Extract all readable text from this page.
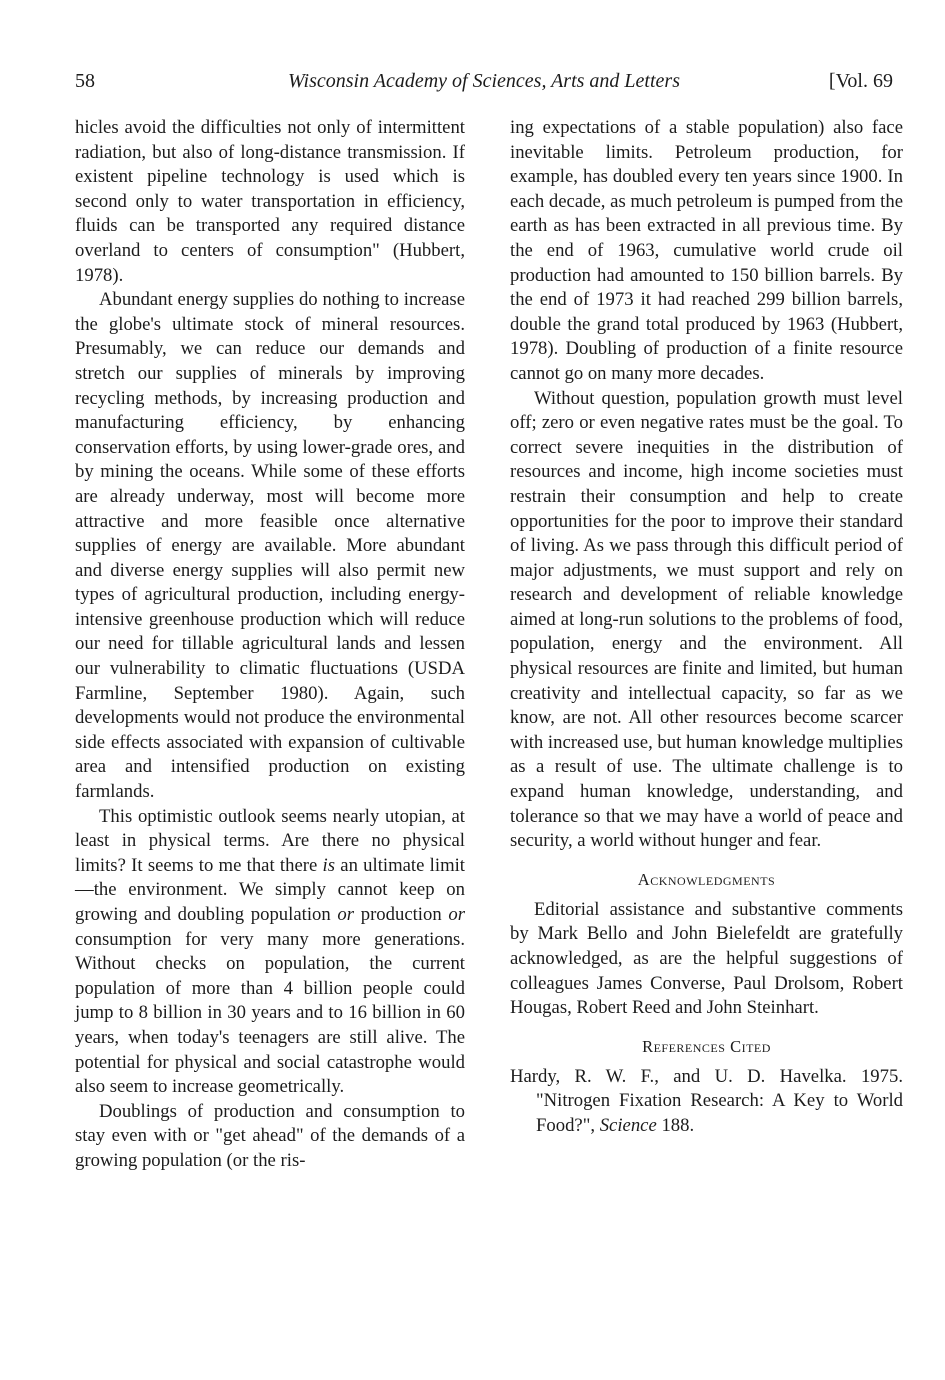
58	Wisconsin Academy of Sciences, Arts and Letters	[Vol. 69

hicles avoid the difficulties not only of intermittent radiation, but also of long-distance transmission. If existent pipeline technology is used which is second only to water transportation in efficiency, fluids can be transported any required distance overland to centers of consumption" (Hubbert, 1978).

Abundant energy supplies do nothing to increase the globe's ultimate stock of mineral resources. Presumably, we can reduce our demands and stretch our supplies of minerals by improving recycling methods, by increasing production and manufacturing efficiency, by enhancing conservation efforts, by using lower-grade ores, and by mining the oceans. While some of these efforts are already underway, most will become more attractive and more feasible once alternative supplies of energy are available. More abundant and diverse energy supplies will also permit new types of agricultural production, including energy-intensive greenhouse production which will reduce our need for tillable agricultural lands and lessen our vulnerability to climatic fluctuations (USDA Farmline, September 1980). Again, such developments would not produce the environmental side effects associated with expansion of cultivable area and intensified production on existing farmlands.

This optimistic outlook seems nearly utopian, at least in physical terms. Are there no physical limits? It seems to me that there is an ultimate limit—the environment. We simply cannot keep on growing and doubling population or production or consumption for very many more generations. Without checks on population, the current population of more than 4 billion people could jump to 8 billion in 30 years and to 16 billion in 60 years, when today's teenagers are still alive. The potential for physical and social catastrophe would also seem to increase geometrically.

Doublings of production and consumption to stay even with or "get ahead" of the demands of a growing population (or the ris-

ing expectations of a stable population) also face inevitable limits. Petroleum production, for example, has doubled every ten years since 1900. In each decade, as much petroleum is pumped from the earth as has been extracted in all previous time. By the end of 1963, cumulative world crude oil production had amounted to 150 billion barrels. By the end of 1973 it had reached 299 billion barrels, double the grand total produced by 1963 (Hubbert, 1978). Doubling of production of a finite resource cannot go on many more decades.

Without question, population growth must level off; zero or even negative rates must be the goal. To correct severe inequities in the distribution of resources and income, high income societies must restrain their consumption and help to create opportunities for the poor to improve their standard of living. As we pass through this difficult period of major adjustments, we must support and rely on research and development of reliable knowledge aimed at long-run solutions to the problems of food, population, energy and the environment. All physical resources are finite and limited, but human creativity and intellectual capacity, so far as we know, are not. All other resources become scarcer with increased use, but human knowledge multiplies as a result of use. The ultimate challenge is to expand human knowledge, understanding, and tolerance so that we may have a world of peace and security, a world without hunger and fear.

Acknowledgments

Editorial assistance and substantive comments by Mark Bello and John Bielefeldt are gratefully acknowledged, as are the helpful suggestions of colleagues James Converse, Paul Drolsom, Robert Hougas, Robert Reed and John Steinhart.

References Cited

Hardy, R. W. F., and U. D. Havelka. 1975. "Nitrogen Fixation Research: A Key to World Food?", Science 188.
